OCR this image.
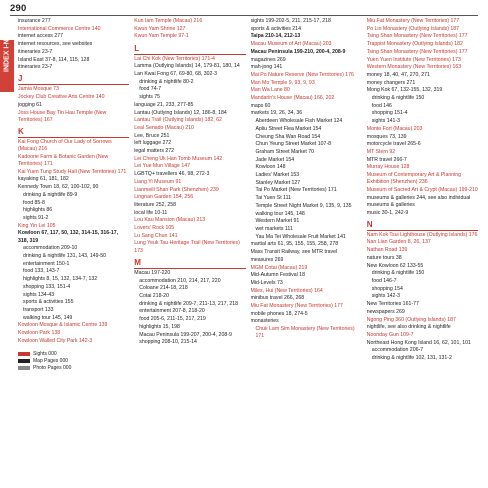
290
INDEX I-N
insurance 277
International Commerce Centre 140
internet access 277
internet resources, see websites
itineraries 23-7
Island East 37-8, 114, 115, 128
itineraries 23-7
J
Jamia Mosque 73
Jockey Club Creative Arts Centre 140
jogging 61
Joss House Bay Tin Hau Temple (New Territories) 167
K
Kai Fong Church of Our Lady of Sorrows (Macau) 216
Kadoorie Farm & Botanic Garden (New Territories) 171
Kai Yuen Tung Study Hall (New Territories) 171
kayaking 61, 181, 182
Kennedy Town 18, 62, 100-102, 90
drinking & nightlife 89-9
food 85-8
highlights 86
sights 91-2
King Yin Lei 105
Kowloon 67, 117, 50, 132, 314-15, 316-17, 318, 319
accommodation 209-10
drinking & nightlife 131, 143, 149-50
entertainment 150-1
food 133, 143-7
highlights 8, 15, 132, 134-7, 132
shopping 133, 151-4
sights 134-43
sports & activities 155
transport 133
walking tour 145, 149
Kowloon Mosque & Islamic Centre 139
Kowloon Park 138
Kowloon Walled City Park 142-3
Sights 000
Map Pages 000
Photo Pages 000
Kun Iam Temple (Macau) 216
Kwun Yam Shrine 127
Kwun Yam Temple 97-1
L
Lai Chi Kok (New Territories) 171-4
Lamma (Outlying Islands) 14, 179-81, 180, 14
Lan Kwai Fong 67, 69-80, 68, 302-3
drinking & nightlife 80-2
food 74-7
sights 75
language 21, 233, 277-85
Lantau (Outlying Islands) 12, 186-8, 184
Lantau Trail (Outlying Islands) 182, 62
Leal Senado (Macau) 210
Lee, Bruce 251
left luggage 272
legal matters 272
Lei Cheng Uk Han Tomb Museum 142
Lei Yue Mun Village 147
LGBTQ+ travellers 46, 98, 272-3
Liang Yi Museum 91
Lianmeili Shan Park (Shenzhen) 239
Lingnan Garden 154, 256
literature 252, 258
local life 10-11
Lou Kau Mansion (Macau) 213
Lovers' Rock 105
Lu Sang Chun 141
Lung Yeuk Tau Heritage Trail (New Territories) 173
M
Macau 197-220
accommodation 210, 214, 217, 220
Coloane 214-18, 218
Cotai 218-20
drinking & nightlife 209-7, 211-13, 217, 218
entertainment 207-8, 218-20
food 205-6, 211-15, 217, 219
highlights 15, 198
Macau Peninsula 199-207, 200-4, 208-9
shopping 208-10, 215-14
sights 199-202-5, 211, 215-17, 218
sports & activities 214
Taipa 210-14, 212-13
Macau Museum of Art (Macau) 203
Macau Peninsula 199-210, 200-4, 208-9
magazines 269
mah-jong 141
Mai Po Nature Reserve (New Territories) 176
Man Mo Temple 9, 93, 9, 93
Man Wa Lane 80
Mandarin's House (Macau) 166, 202
maps 60
markets 19, 26, 34, 36
Aberdeen Wholesale Fish Market 124
Apliu Street Flea Market 154
Cheung Sha Wan Road 154
Chun Yeung Street Market 107-8
Graham Street Market 70
Jade Market 154
Kowloon 148
Ladies' Market 153
Stanley Market 127
Tai Po Market (New Territories) 171
Tai Yuen St 111
Temple Street Night Market 9, 135, 9, 135
walking tour 145, 148
Western Market 91
wet markets 111
Yau Ma Tei Wholesale Fruit Market 141
martial arts 61, 95, 155, 155, 258, 278
Mass Transit Railway, see MTR travel
measures 269
MGM Cotai (Macau) 219
Mid-Autumn Festival 18
Mid-Levels 73
Miles, Hui (New Territories) 164
minibus travel 266, 268
Miu Fat Monastery (New Territories) 177
mobile phones 18, 274-5
monasteries
Chuk Lam Sim Monastery (New Territories) 171
Miu Fat Monastery (New Territories) 177
Po Lin Monastery (Outlying Islands) 187
Tsing Shan Monastery (New Territories) 177
Trappist Monastery (Outlying Islands) 182
Tsing Shan Monastery (New Territories) 177
Yuen Yuen Institute (New Territories) 173
Western Monastery (New Territories) 163
money 18, 40, 47, 270, 271
money changers 271
Mong Kok 67, 132-155, 132, 319
drinking & nightlife 150
food 146
shopping 151-4
sights 141-3
Monte Fort (Macau) 203
mosques 73, 139
motorcycle travel 265-6
MT Stern 92
MTR travel 266-7
Murray House 128
Museum of Contemporary Art & Planning Exhibition (Shenzhen) 236
Museum of Sacred Art & Crypt (Macau) 199-210
museums & galleries 244, see also individual museums & galleries
music 30-1, 242-9
N
Nam Kok Tsui Lighthouse (Outlying Islands) 176
Nan Lian Garden 8, 26, 137
Nathan Road 139
nature tours 38
New Kowloon 62 133-55
drinking & nightlife 150
food 146-7
shopping 154
sights 142-3
New Territories 161-77
newspapers 269
Ngong Ping 360 (Outlying Islands) 187
nightlife, see also drinking & nightlife
Noonday Gun 109-7
Northeast Hong Kong Island 16, 62, 101, 101
accommodation 206-7
drinking & nightlife 102, 131, 131-2
